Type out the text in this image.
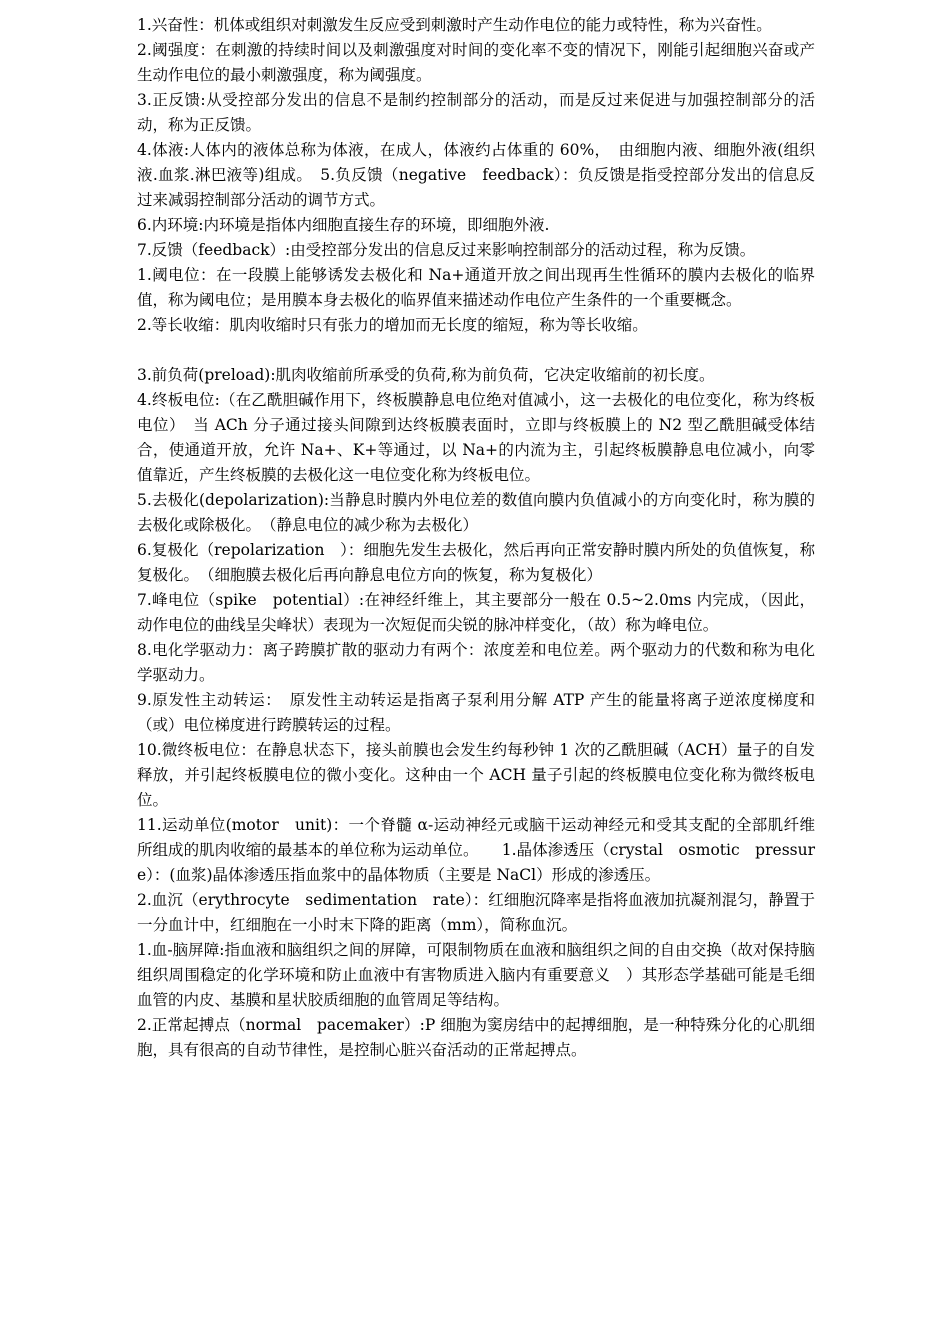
1.兴奋性：机体或组织对刺激发生反应受到刺激时产生动作电位的能力或特性，称为兴奋性。

2.阈强度：在刺激的持续时间以及刺激强度对时间的变化率不变的情况下，刚能引起细胞兴奋或产生动作电位的最小刺激强度，称为阈强度。

3.正反馈:从受控部分发出的信息不是制约控制部分的活动，而是反过来促进与加强控制部分的活动，称为正反馈。

4.体液:人体内的液体总称为体液，在成人，体液约占体重的 60%，　由细胞内液、细胞外液(组织液.血浆.淋巴液等)组成。　5.负反馈（negative　feedback）：负反馈是指受控部分发出的信息反过来减弱控制部分活动的调节方式。

6.内环境:内环境是指体内细胞直接生存的环境，即细胞外液.

7.反馈（feedback）:由受控部分发出的信息反过来影响控制部分的活动过程，称为反馈。

1.阈电位：在一段膜上能够诱发去极化和 Na+通道开放之间出现再生性循环的膜内去极化的临界值，称为阈电位；是用膜本身去极化的临界值来描述动作电位产生条件的一个重要概念。

2.等长收缩：肌肉收缩时只有张力的增加而无长度的缩短，称为等长收缩。

3.前负荷(preload):肌肉收缩前所承受的负荷,称为前负荷，它决定收缩前的初长度。

4.终板电位:（在乙酰胆碱作用下，终板膜静息电位绝对值减小，这一去极化的电位变化，称为终板电位）　当 ACh 分子通过接头间隙到达终板膜表面时，立即与终板膜上的 N2 型乙酰胆碱受体结合，使通道开放，允许 Na+、K+等通过，以 Na+的内流为主，引起终板膜静息电位减小，向零值靠近，产生终板膜的去极化这一电位变化称为终板电位。

5.去极化(depolarization):当静息时膜内外电位差的数值向膜内负值减小的方向变化时，称为膜的去极化或除极化。　（静息电位的减少称为去极化）

6.复极化（repolarization　）：细胞先发生去极化，然后再向正常安静时膜内所处的负值恢复，称复极化。　（细胞膜去极化后再向静息电位方向的恢复，称为复极化）

7.峰电位（spike　potential）:在神经纤维上，其主要部分一般在 0.5~2.0ms 内完成，（因此，动作电位的曲线呈尖峰状）表现为一次短促而尖锐的脉冲样变化，（故）称为峰电位。

8.电化学驱动力：离子跨膜扩散的驱动力有两个：浓度差和电位差。两个驱动力的代数和称为电化学驱动力。

9.原发性主动转运：　原发性主动转运是指离子泵利用分解 ATP 产生的能量将离子逆浓度梯度和（或）电位梯度进行跨膜转运的过程。

10.微终板电位：在静息状态下，接头前膜也会发生约每秒钟 1 次的乙酰胆碱（ACH）量子的自发释放，并引起终板膜电位的微小变化。这种由一个 ACH 量子引起的终板膜电位变化称为微终板电位。

11.运动单位(motor　unit)：一个脊髓 α-运动神经元或脑干运动神经元和受其支配的全部肌纤维所组成的肌肉收缩的最基本的单位称为运动单位。　　1.晶体渗透压（crystal　osmotic　pressure）：(血浆)晶体渗透压指血浆中的晶体物质（主要是 NaCl）形成的渗透压。

2.血沉（erythrocyte　sedimentation　rate）：红细胞沉降率是指将血液加抗凝剂混匀，静置于一分血计中，红细胞在一小时末下降的距离（mm），简称血沉。

1.血-脑屏障:指血液和脑组织之间的屏障，可限制物质在血液和脑组织之间的自由交换（故对保持脑组织周围稳定的化学环境和防止血液中有害物质进入脑内有重要意义　）其形态学基础可能是毛细血管的内皮、基膜和星状胶质细胞的血管周足等结构。

2.正常起搏点（normal　pacemaker）:P 细胞为窦房结中的起搏细胞，是一种特殊分化的心肌细胞，具有很高的自动节律性，是控制心脏兴奋活动的正常起搏点。
